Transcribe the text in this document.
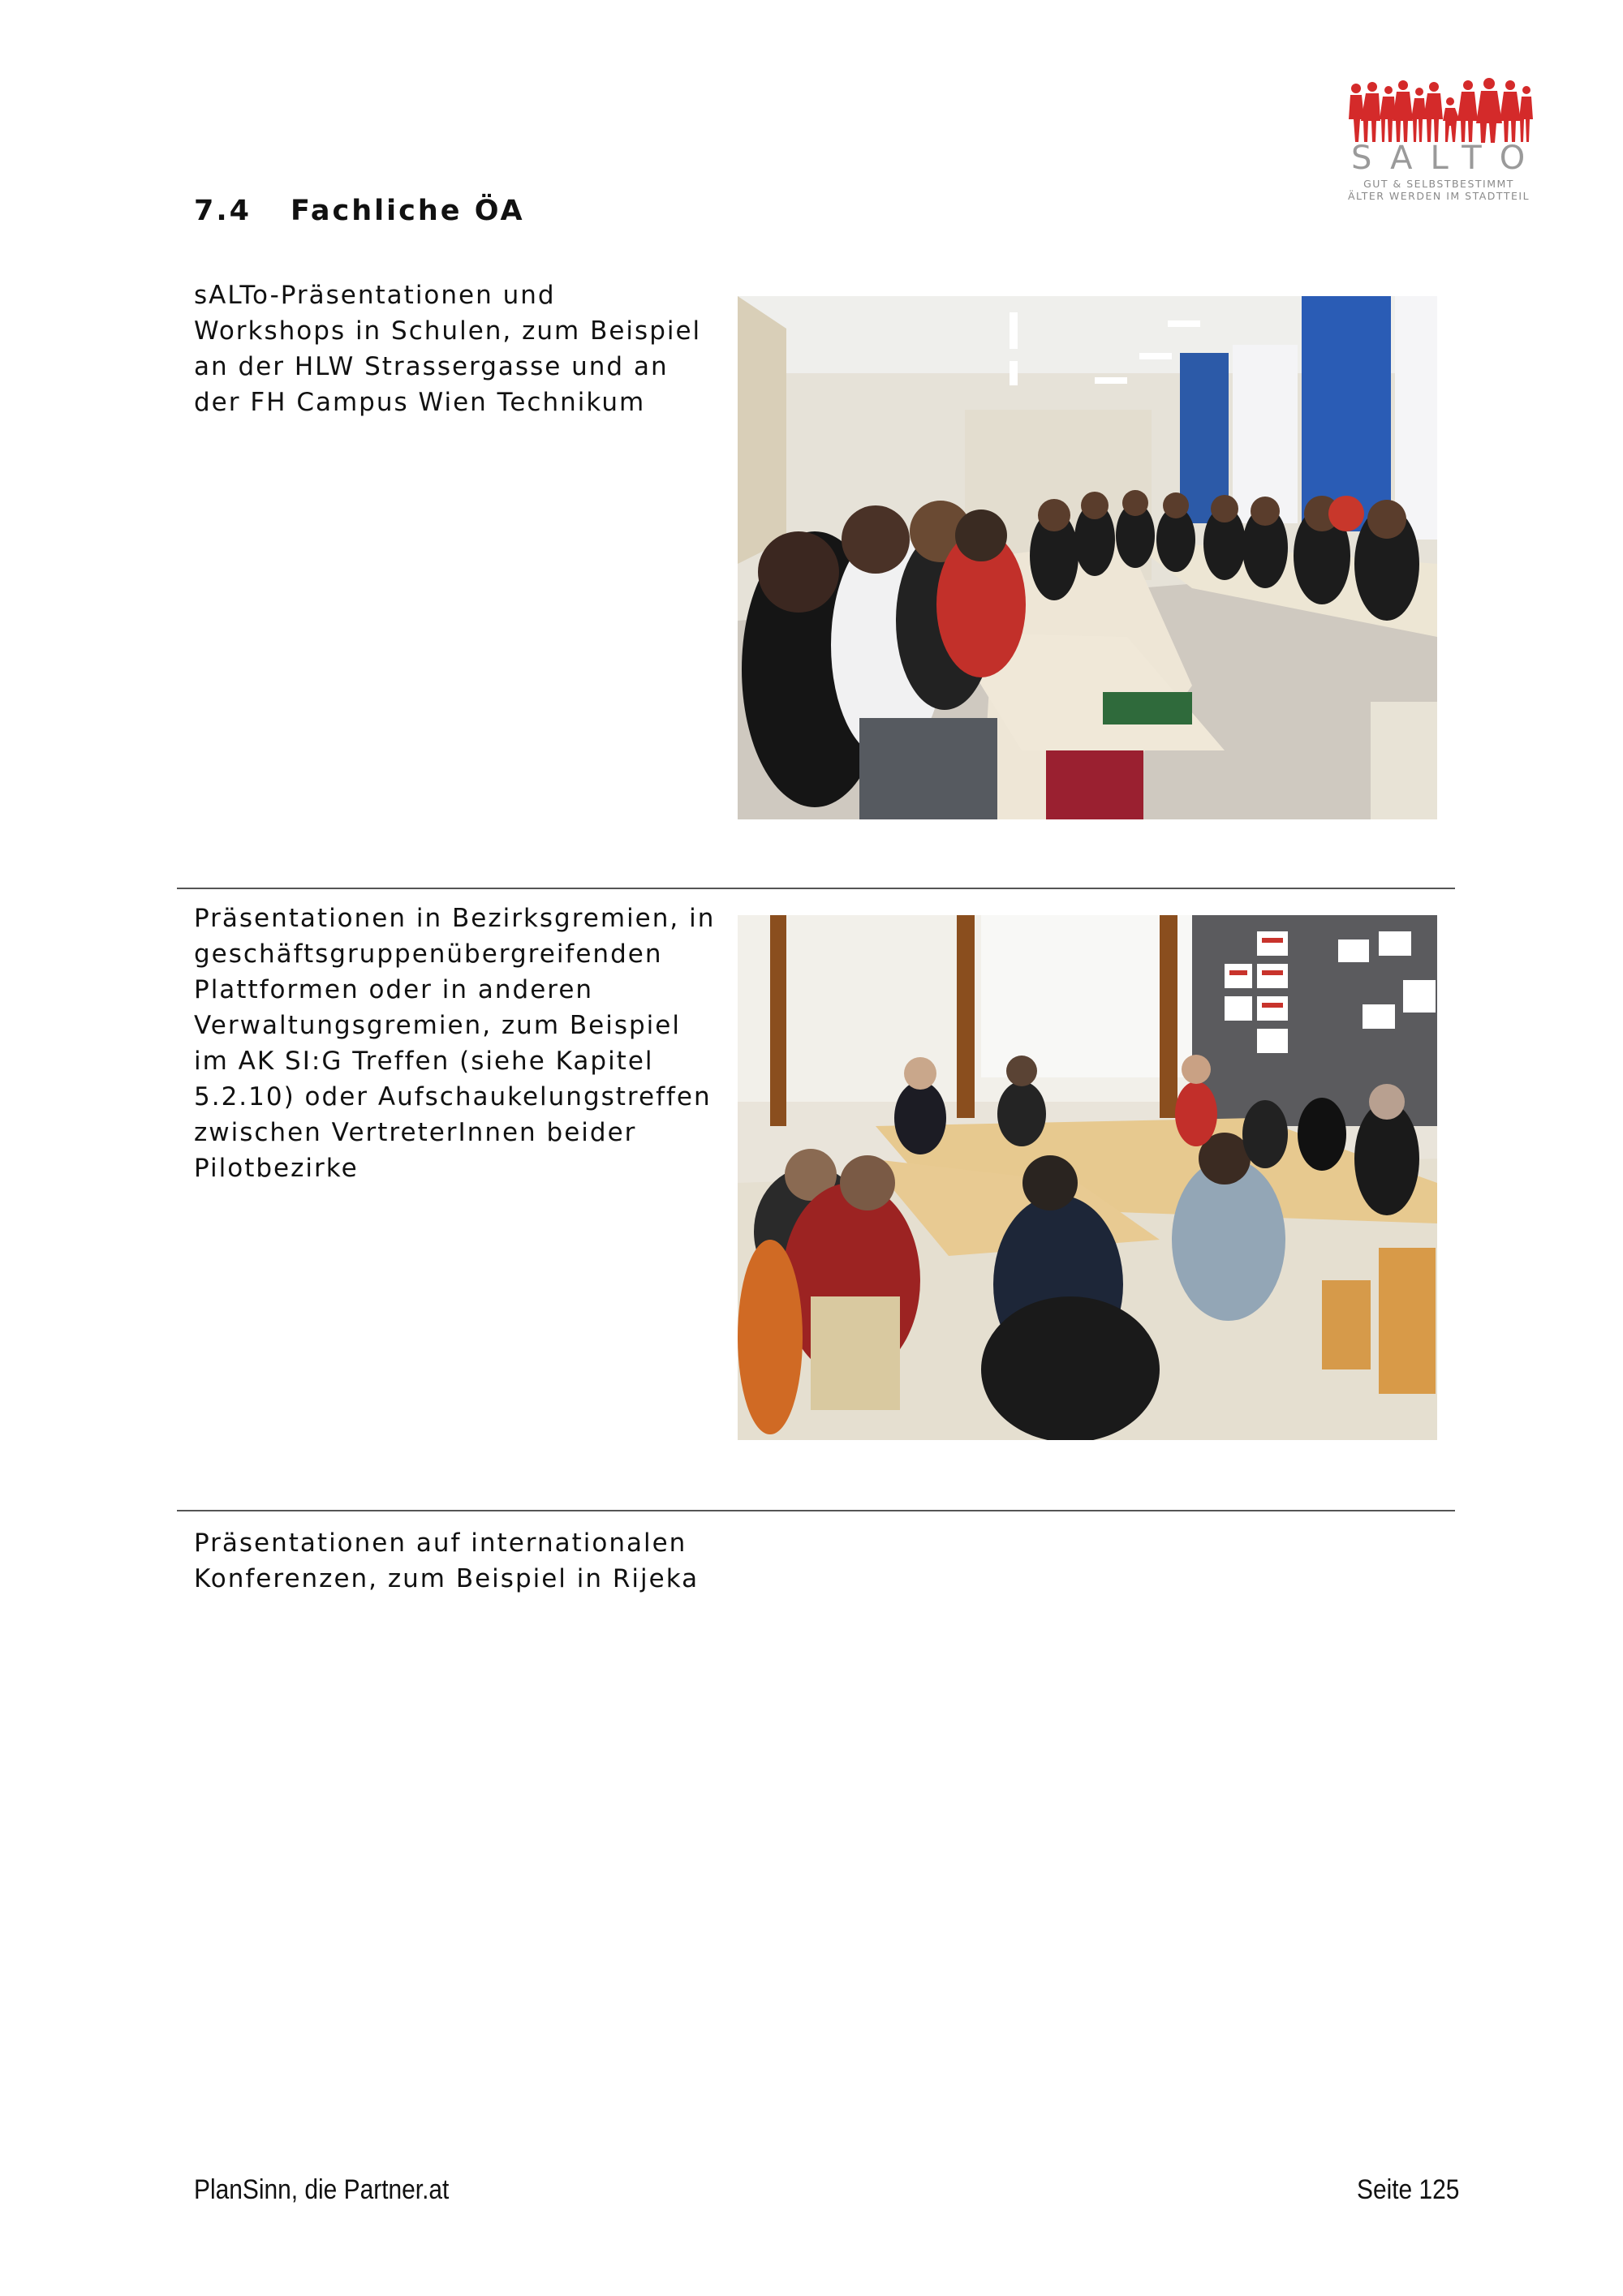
SALTO
GUT & SELBSTBESTIMMT
ÄLTER WERDEN IM STADTTEIL
7.4 Fachliche ÖA

sALTo-Präsentationen und
Workshops in Schulen, zum Beispiel
an der HLW Strassergasse und an
der FH Campus Wien Technikum

Präsentationen in Bezirksgremien, in
geschäftsgruppenübergreifenden
Plattformen oder in anderen
Verwaltungsgremien, zum Beispiel
im AK SI:G Treffen (siehe Kapitel
5.2.10) oder Aufschaukelungstreffen
zwischen VertreterInnen beider
Pilotbezirke

Präsentationen auf internationalen
Konferenzen, zum Beispiel in Rijeka

PlanSinn, die Partner.at	Seite 125
